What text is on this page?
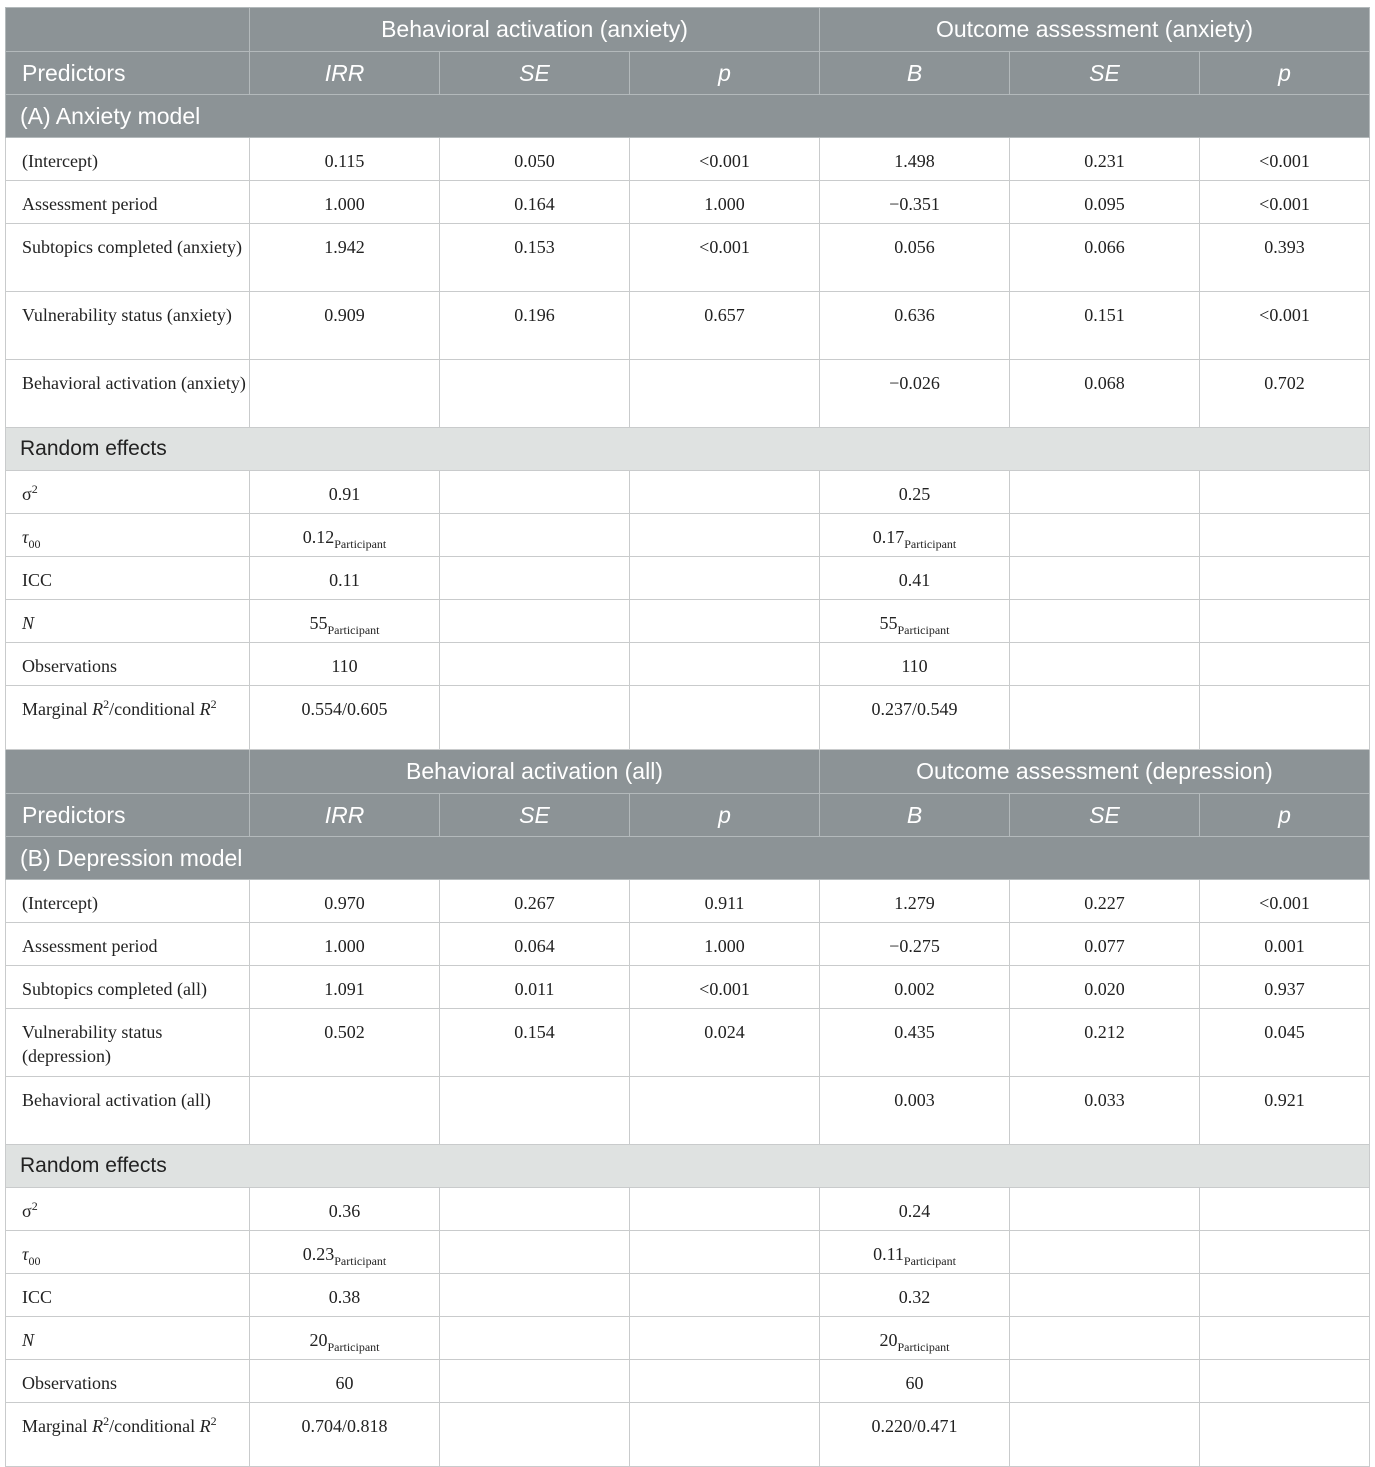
	Behavioral activation (anxiety)			Outcome assessment (anxiety)		
Predictors	IRR	SE	p	B	SE	p
(A) Anxiety model						
(Intercept)	0.115	0.050	<0.001	1.498	0.231	<0.001
Assessment period	1.000	0.164	1.000	−0.351	0.095	<0.001
Subtopics completed (anxiety)	1.942	0.153	<0.001	0.056	0.066	0.393
Vulnerability status (anxiety)	0.909	0.196	0.657	0.636	0.151	<0.001
Behavioral activation (anxiety)				−0.026	0.068	0.702
Random effects						
$\sigma^2$	0.91			0.25		
$\tau_{00}$	$0.12_{Participant}$			$0.17_{Participant}$		
ICC	0.11			0.41		
N	$55_{Participant}$			$55_{Participant}$		
Observations	110			110		
Marginal $R^2$/conditional $R^2$	0.554/0.605			0.237/0.549		
	Behavioral activation (all)			Outcome assessment (depression)		
Predictors	IRR	SE	p	B	SE	p
(B) Depression model						
(Intercept)	0.970	0.267	0.911	1.279	0.227	<0.001
Assessment period	1.000	0.064	1.000	−0.275	0.077	0.001
Subtopics completed (all)	1.091	0.011	<0.001	0.002	0.020	0.937
Vulnerability status (depression)	0.502	0.154	0.024	0.435	0.212	0.045
Behavioral activation (all)				0.003	0.033	0.921
Random effects						
$\sigma^2$	0.36			0.24		
$\tau_{00}$	$0.23_{Participant}$			$0.11_{Participant}$		
ICC	0.38			0.32		
N	$20_{Participant}$			$20_{Participant}$		
Observations	60			60		
Marginal $R^2$/conditional $R^2$	0.704/0.818			0.220/0.471		
